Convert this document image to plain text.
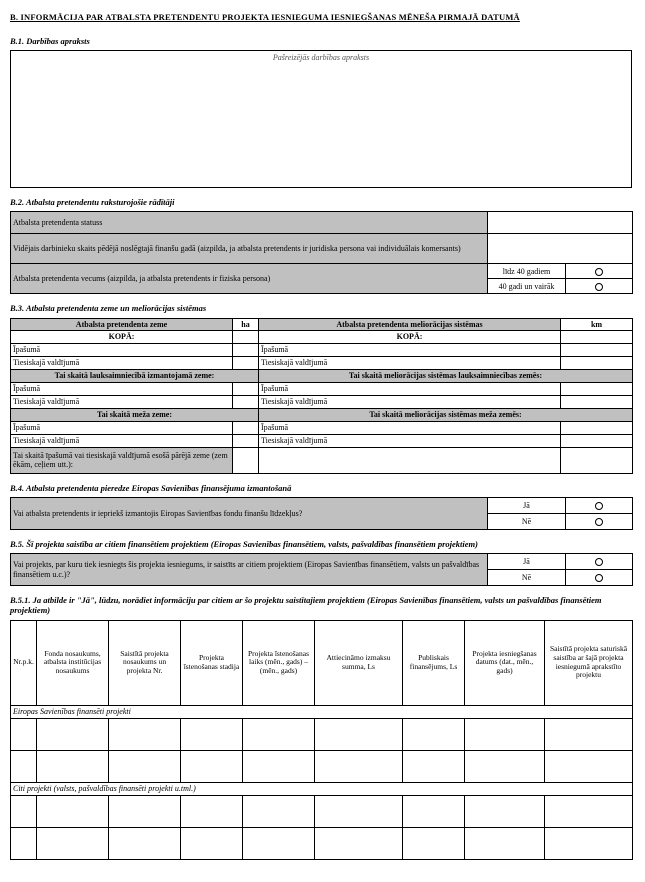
B. INFORMĀCIJA PAR ATBALSTA PRETENDENTU PROJEKTA IESNIEGUMA IESNIEGŠANAS MĒNEŠA PIRMAJĀ DATUMĀ
B.1. Darbības apraksts
Pašreizējās darbības apraksts
B.2. Atbalsta pretendentu raksturojošie rādītāji
Atbalsta pretendenta statuss		
Vidējais darbinieku skaits pēdējā noslēgtajā finanšu gadā (aizpilda, ja atbalsta pretendents ir juridiska persona vai individuālais komersants)		
Atbalsta pretendenta vecums (aizpilda, ja atbalsta pretendents ir fiziska persona)	līdz 40 gadiem	
	40 gadi un vairāk	
B.3. Atbalsta pretendenta zeme un meliorācijas sistēmas
Atbalsta pretendenta zeme	ha	Atbalsta pretendenta meliorācijas sistēmas	km
KOPĀ:		KOPĀ:	
Īpašumā		Īpašumā	
Tiesiskajā valdījumā		Tiesiskajā valdījumā	
Tai skaitā lauksaimniecībā izmantojamā zeme:		Tai skaitā meliorācijas sistēmas lauksaimniecības zemēs:	
Īpašumā		Īpašumā	
Tiesiskajā valdījumā		Tiesiskajā valdījumā	
Tai skaitā meža zeme:		Tai skaitā meliorācijas sistēmas meža zemēs:	
Īpašumā		Īpašumā	
Tiesiskajā valdījumā		Tiesiskajā valdījumā	
Tai skaitā īpašumā vai tiesiskajā valdījumā esošā pārējā zeme (zem ēkām, ceļiem utt.):			
B.4. Atbalsta pretendenta pieredze Eiropas Savienības finansējuma izmantošanā
Vai atbalsta pretendents ir iepriekš izmantojis Eiropas Savienības fondu finanšu līdzekļus?	Jā	
	Nē	
B.5. Šī projekta saistība ar citiem finansētiem projektiem (Eiropas Savienības finansētiem, valsts, pašvaldības finansētiem projektiem)
Vai projekts, par kuru tiek iesniegts šis projekta iesniegums, ir saistīts ar citiem projektiem (Eiropas Savienības finansētiem, valsts un pašvaldības finansētiem u.c.)?	Jā	
	Nē	
B.5.1. Ja atbilde ir "Jā", lūdzu, norādiet informāciju par citiem ar šo projektu saistītajiem projektiem (Eiropas Savienības finansētiem, valsts un pašvaldības finansētiem projektiem)
Nr.p.k.	Fonda nosaukums, atbalsta institūcijas nosaukums	Saistītā projekta nosaukums un projekta Nr.	Projekta īstenošanas stadija	Projekta īstenošanas laiks (mēn., gads) – (mēn., gads)	Attiecināmo izmaksu summa, Ls	Publiskais finansējums, Ls	Projekta iesniegšanas datums (dat., mēn., gads)	Saistītā projekta saturiskā saistība ar šajā projekta iesniegumā aprakstīto projektu
Eiropas Savienības finansēti projekti								

Citi projekti (valsts, pašvaldības finansēti projekti u.tml.)								
